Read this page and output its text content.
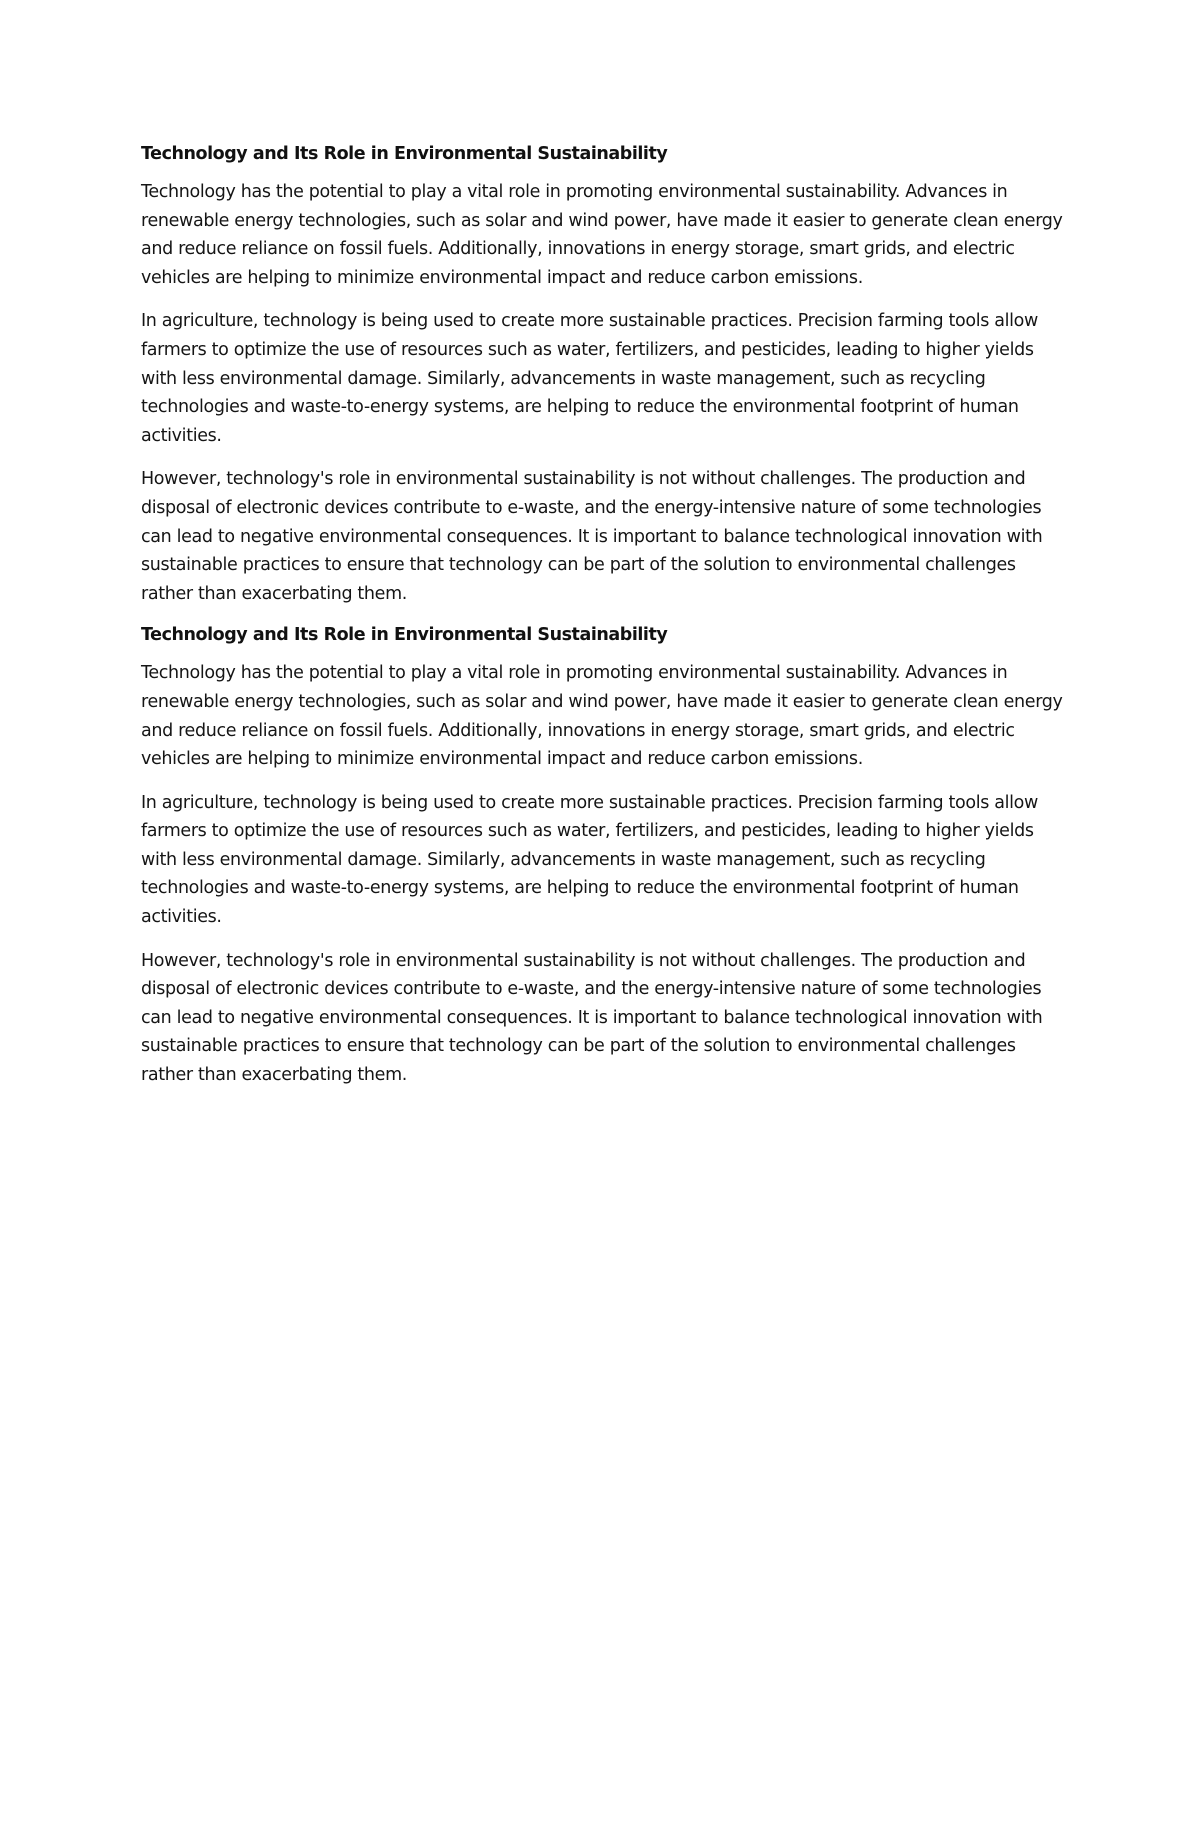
Technology and Its Role in Environmental Sustainability

Technology has the potential to play a vital role in promoting environmental sustainability. Advances in renewable energy technologies, such as solar and wind power, have made it easier to generate clean energy and reduce reliance on fossil fuels. Additionally, innovations in energy storage, smart grids, and electric vehicles are helping to minimize environmental impact and reduce carbon emissions.

In agriculture, technology is being used to create more sustainable practices. Precision farming tools allow farmers to optimize the use of resources such as water, fertilizers, and pesticides, leading to higher yields with less environmental damage. Similarly, advancements in waste management, such as recycling technologies and waste-to-energy systems, are helping to reduce the environmental footprint of human activities.

However, technology's role in environmental sustainability is not without challenges. The production and disposal of electronic devices contribute to e-waste, and the energy-intensive nature of some technologies can lead to negative environmental consequences. It is important to balance technological innovation with sustainable practices to ensure that technology can be part of the solution to environmental challenges rather than exacerbating them.

Technology and Its Role in Environmental Sustainability

Technology has the potential to play a vital role in promoting environmental sustainability. Advances in renewable energy technologies, such as solar and wind power, have made it easier to generate clean energy and reduce reliance on fossil fuels. Additionally, innovations in energy storage, smart grids, and electric vehicles are helping to minimize environmental impact and reduce carbon emissions.

In agriculture, technology is being used to create more sustainable practices. Precision farming tools allow farmers to optimize the use of resources such as water, fertilizers, and pesticides, leading to higher yields with less environmental damage. Similarly, advancements in waste management, such as recycling technologies and waste-to-energy systems, are helping to reduce the environmental footprint of human activities.

However, technology's role in environmental sustainability is not without challenges. The production and disposal of electronic devices contribute to e-waste, and the energy-intensive nature of some technologies can lead to negative environmental consequences. It is important to balance technological innovation with sustainable practices to ensure that technology can be part of the solution to environmental challenges rather than exacerbating them.
